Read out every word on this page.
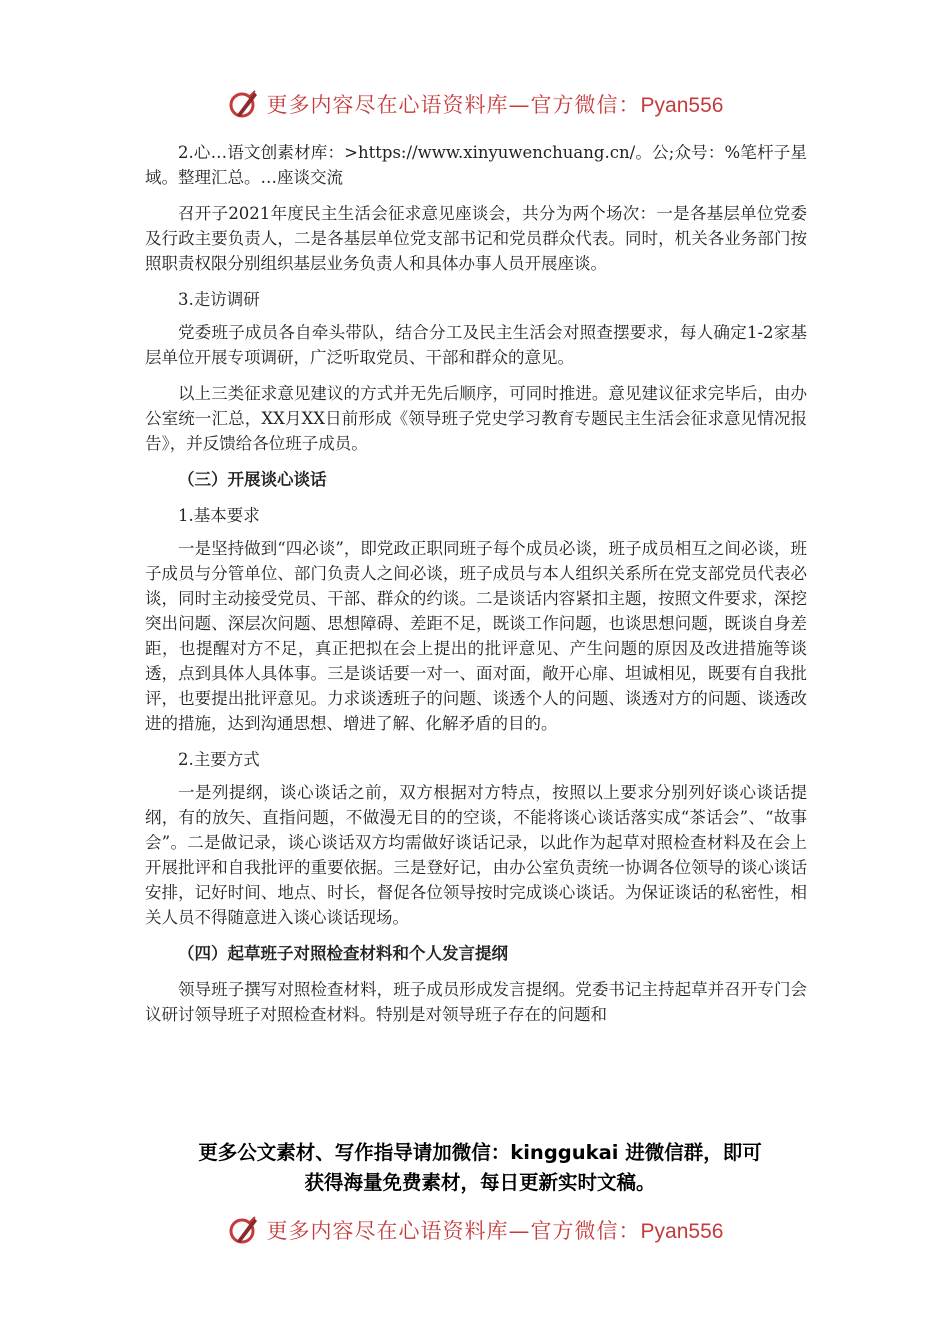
更多内容尽在心语资料库—官方微信：Pyan556

2.心…语文创素材库：>https://www.xinyuwenchuang.cn/。公;众号：%笔杆子星域。整理汇总。…座谈交流

召开子2021年度民主生活会征求意见座谈会，共分为两个场次：一是各基层单位党委及行政主要负责人，二是各基层单位党支部书记和党员群众代表。同时，机关各业务部门按照职责权限分别组织基层业务负责人和具体办事人员开展座谈。

3.走访调研

党委班子成员各自牵头带队，结合分工及民主生活会对照查摆要求，每人确定1-2家基层单位开展专项调研，广泛听取党员、干部和群众的意见。

以上三类征求意见建议的方式并无先后顺序，可同时推进。意见建议征求完毕后，由办公室统一汇总，XX月XX日前形成《领导班子党史学习教育专题民主生活会征求意见情况报告》，并反馈给各位班子成员。

（三）开展谈心谈话

1.基本要求

一是坚持做到“四必谈”，即党政正职同班子每个成员必谈，班子成员相互之间必谈，班子成员与分管单位、部门负责人之间必谈，班子成员与本人组织关系所在党支部党员代表必谈，同时主动接受党员、干部、群众的约谈。二是谈话内容紧扣主题，按照文件要求，深挖突出问题、深层次问题、思想障碍、差距不足，既谈工作问题，也谈思想问题，既谈自身差距，也提醒对方不足，真正把拟在会上提出的批评意见、产生问题的原因及改进措施等谈透，点到具体人具体事。三是谈话要一对一、面对面，敞开心扉、坦诚相见，既要有自我批评，也要提出批评意见。力求谈透班子的问题、谈透个人的问题、谈透对方的问题、谈透改进的措施，达到沟通思想、增进了解、化解矛盾的目的。

2.主要方式

一是列提纲，谈心谈话之前，双方根据对方特点，按照以上要求分别列好谈心谈话提纲，有的放矢、直指问题，不做漫无目的的空谈，不能将谈心谈话落实成“茶话会”、“故事会”。二是做记录，谈心谈话双方均需做好谈话记录，以此作为起草对照检查材料及在会上开展批评和自我批评的重要依据。三是登好记，由办公室负责统一协调各位领导的谈心谈话安排，记好时间、地点、时长，督促各位领导按时完成谈心谈话。为保证谈话的私密性，相关人员不得随意进入谈心谈话现场。

（四）起草班子对照检查材料和个人发言提纲

领导班子撰写对照检查材料，班子成员形成发言提纲。党委书记主持起草并召开专门会议研讨领导班子对照检查材料。特别是对领导班子存在的问题和

更多公文素材、写作指导请加微信：kinggukai 进微信群，即可
获得海量免费素材，每日更新实时文稿。
更多内容尽在心语资料库—官方微信：Pyan556
